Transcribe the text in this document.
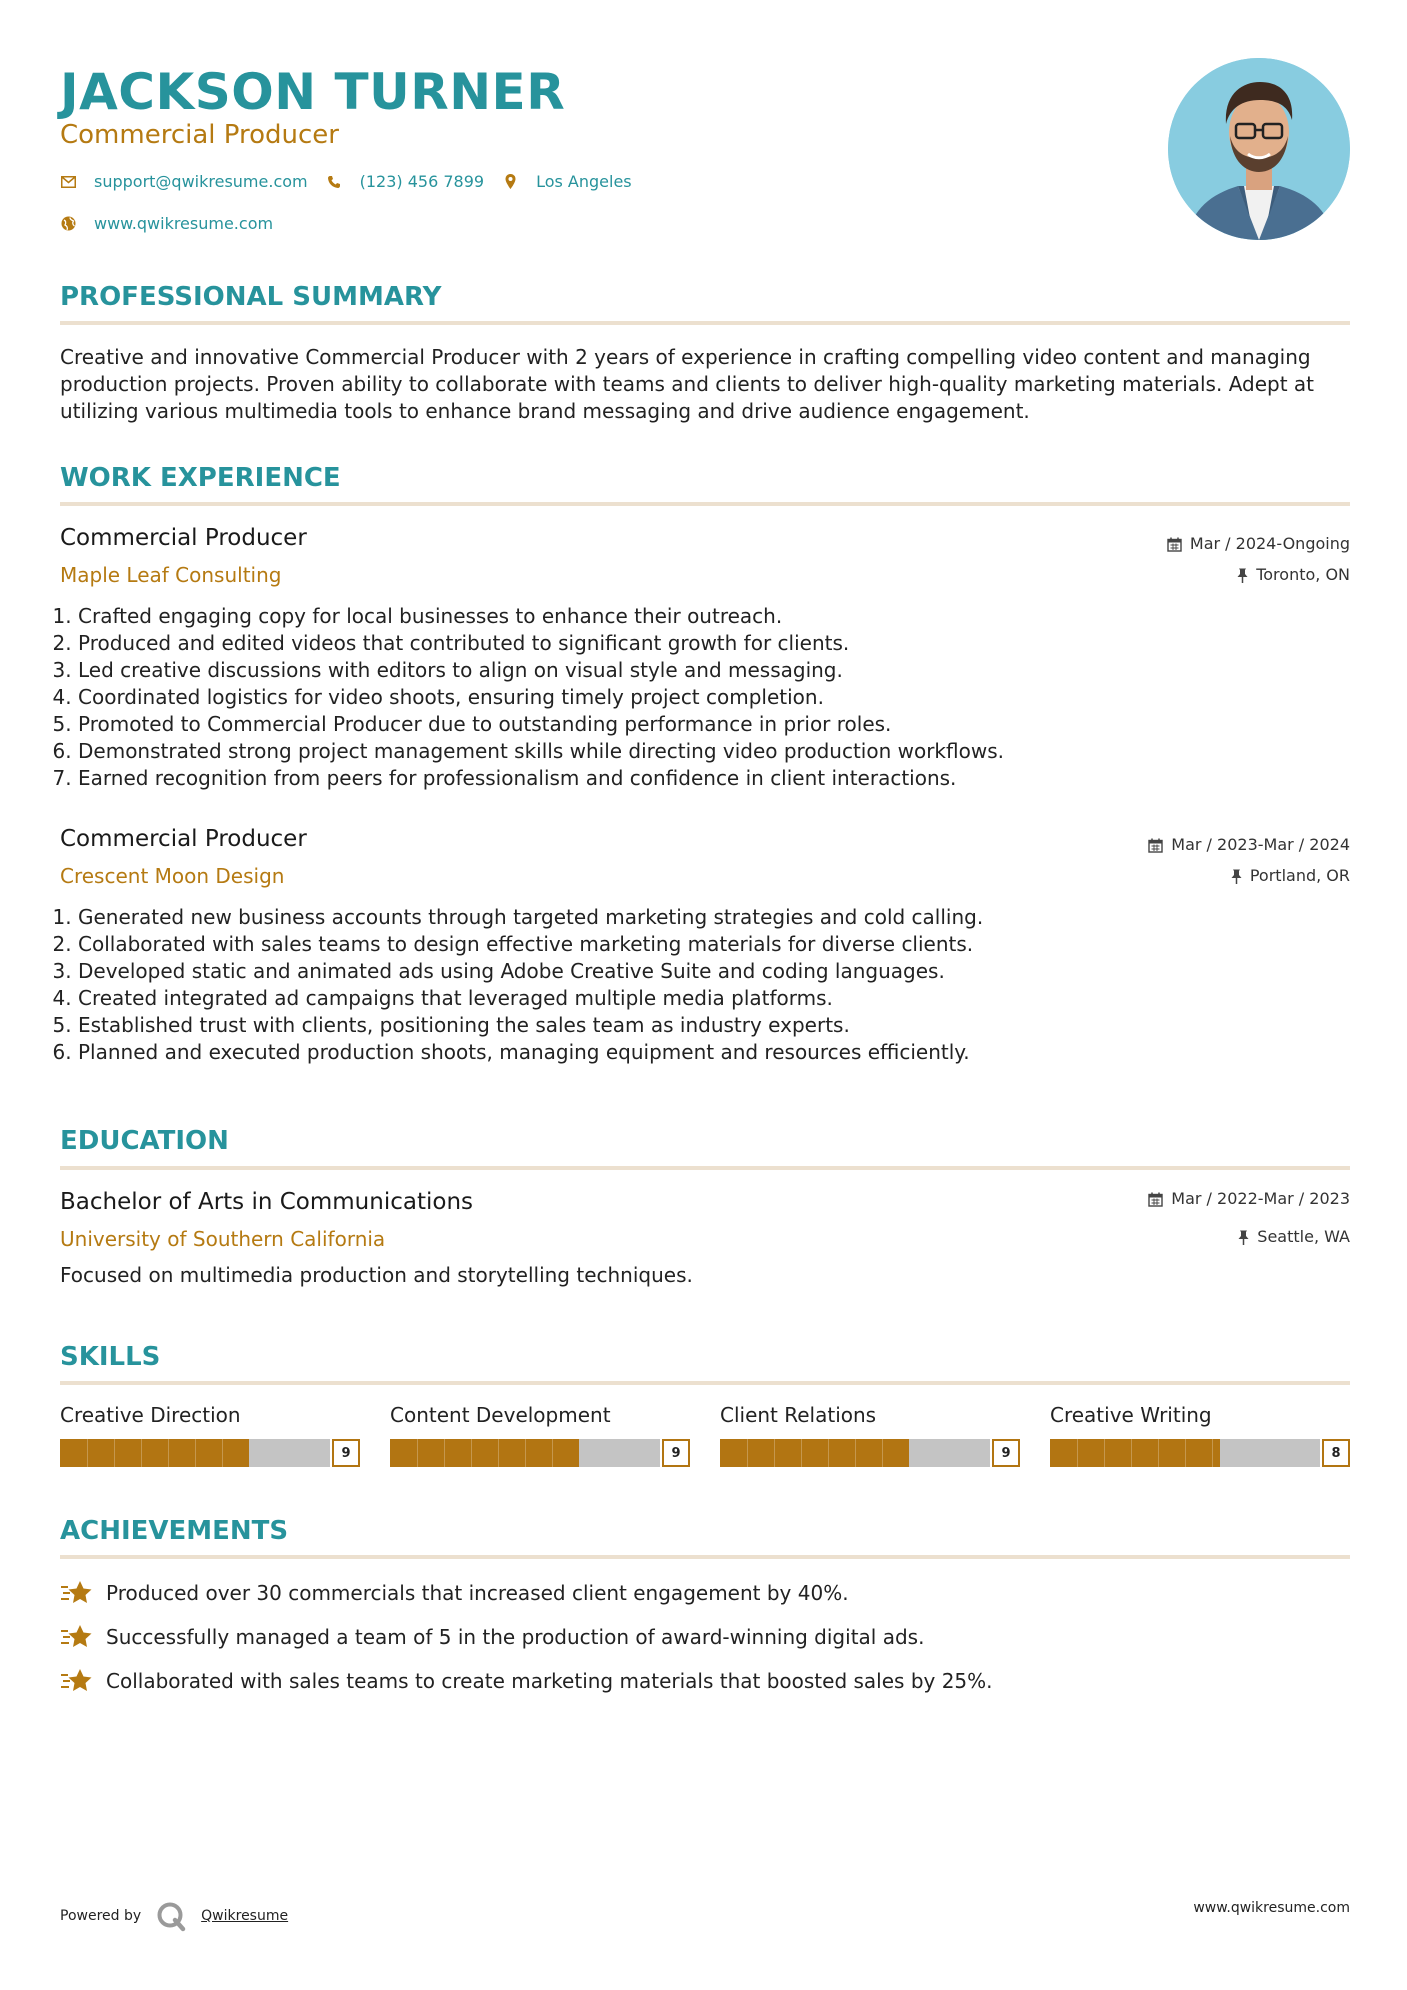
JACKSON TURNER
Commercial Producer
support@qwikresume.com	(123) 456 7899	Los Angeles
www.qwikresume.com
PROFESSIONAL SUMMARY

Creative and innovative Commercial Producer with 2 years of experience in crafting compelling video content and managing production projects. Proven ability to collaborate with teams and clients to deliver high-quality marketing materials. Adept at utilizing various multimedia tools to enhance brand messaging and drive audience engagement.

WORK EXPERIENCE
Commercial Producer
Maple Leaf Consulting
Mar / 2024-Ongoing
Toronto, ON
1. Crafted engaging copy for local businesses to enhance their outreach.
2. Produced and edited videos that contributed to significant growth for clients.
3. Led creative discussions with editors to align on visual style and messaging.
4. Coordinated logistics for video shoots, ensuring timely project completion.
5. Promoted to Commercial Producer due to outstanding performance in prior roles.
6. Demonstrated strong project management skills while directing video production workflows.
7. Earned recognition from peers for professionalism and confidence in client interactions.
Commercial Producer
Crescent Moon Design
Mar / 2023-Mar / 2024
Portland, OR
1. Generated new business accounts through targeted marketing strategies and cold calling.
2. Collaborated with sales teams to design effective marketing materials for diverse clients.
3. Developed static and animated ads using Adobe Creative Suite and coding languages.
4. Created integrated ad campaigns that leveraged multiple media platforms.
5. Established trust with clients, positioning the sales team as industry experts.
6. Planned and executed production shoots, managing equipment and resources efficiently.
EDUCATION
Bachelor of Arts in Communications
University of Southern California
Mar / 2022-Mar / 2023
Seattle, WA

Focused on multimedia production and storytelling techniques.

SKILLS
Creative Direction
9
Content Development
9
Client Relations
9
Creative Writing
8
ACHIEVEMENTS
Produced over 30 commercials that increased client engagement by 40%.
Successfully managed a team of 5 in the production of award-winning digital ads.
Collaborated with sales teams to create marketing materials that boosted sales by 25%.
Powered by	Qwikresume	www.qwikresume.com
